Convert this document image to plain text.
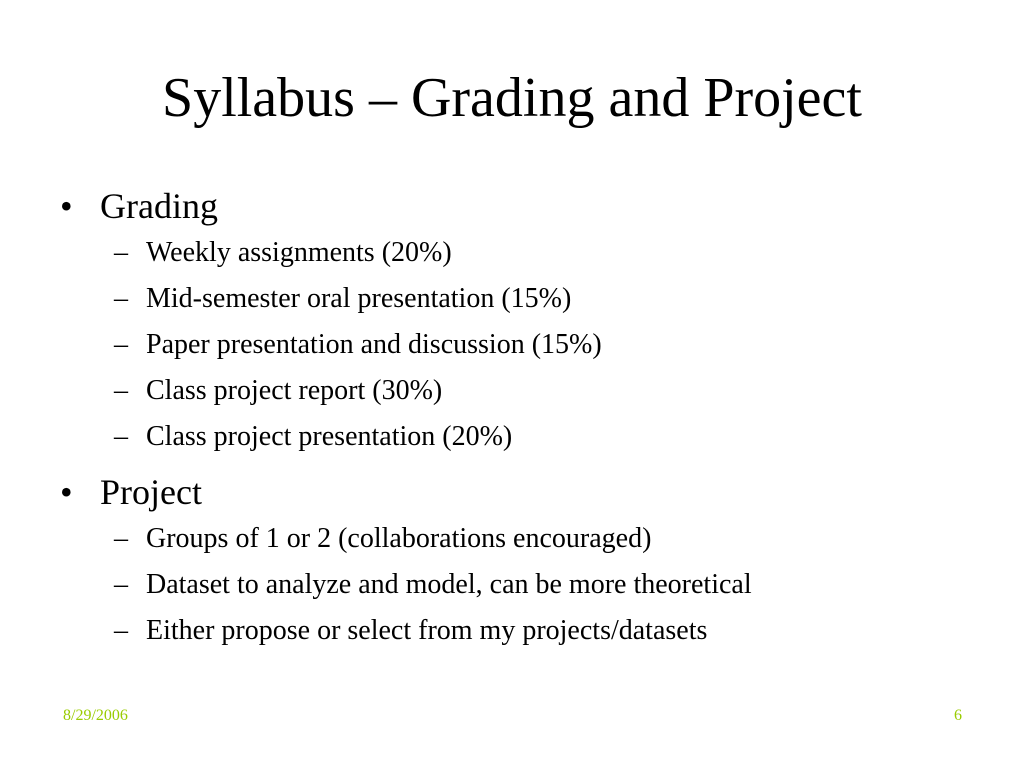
Syllabus – Grading and Project
• Grading
– Weekly assignments (20%)
– Mid-semester oral presentation (15%)
– Paper presentation and discussion (15%)
– Class project report (30%)
– Class project presentation (20%)
• Project
– Groups of 1 or 2 (collaborations encouraged)
– Dataset to analyze and model, can be more theoretical
– Either propose or select from my projects/datasets
8/29/2006	6
